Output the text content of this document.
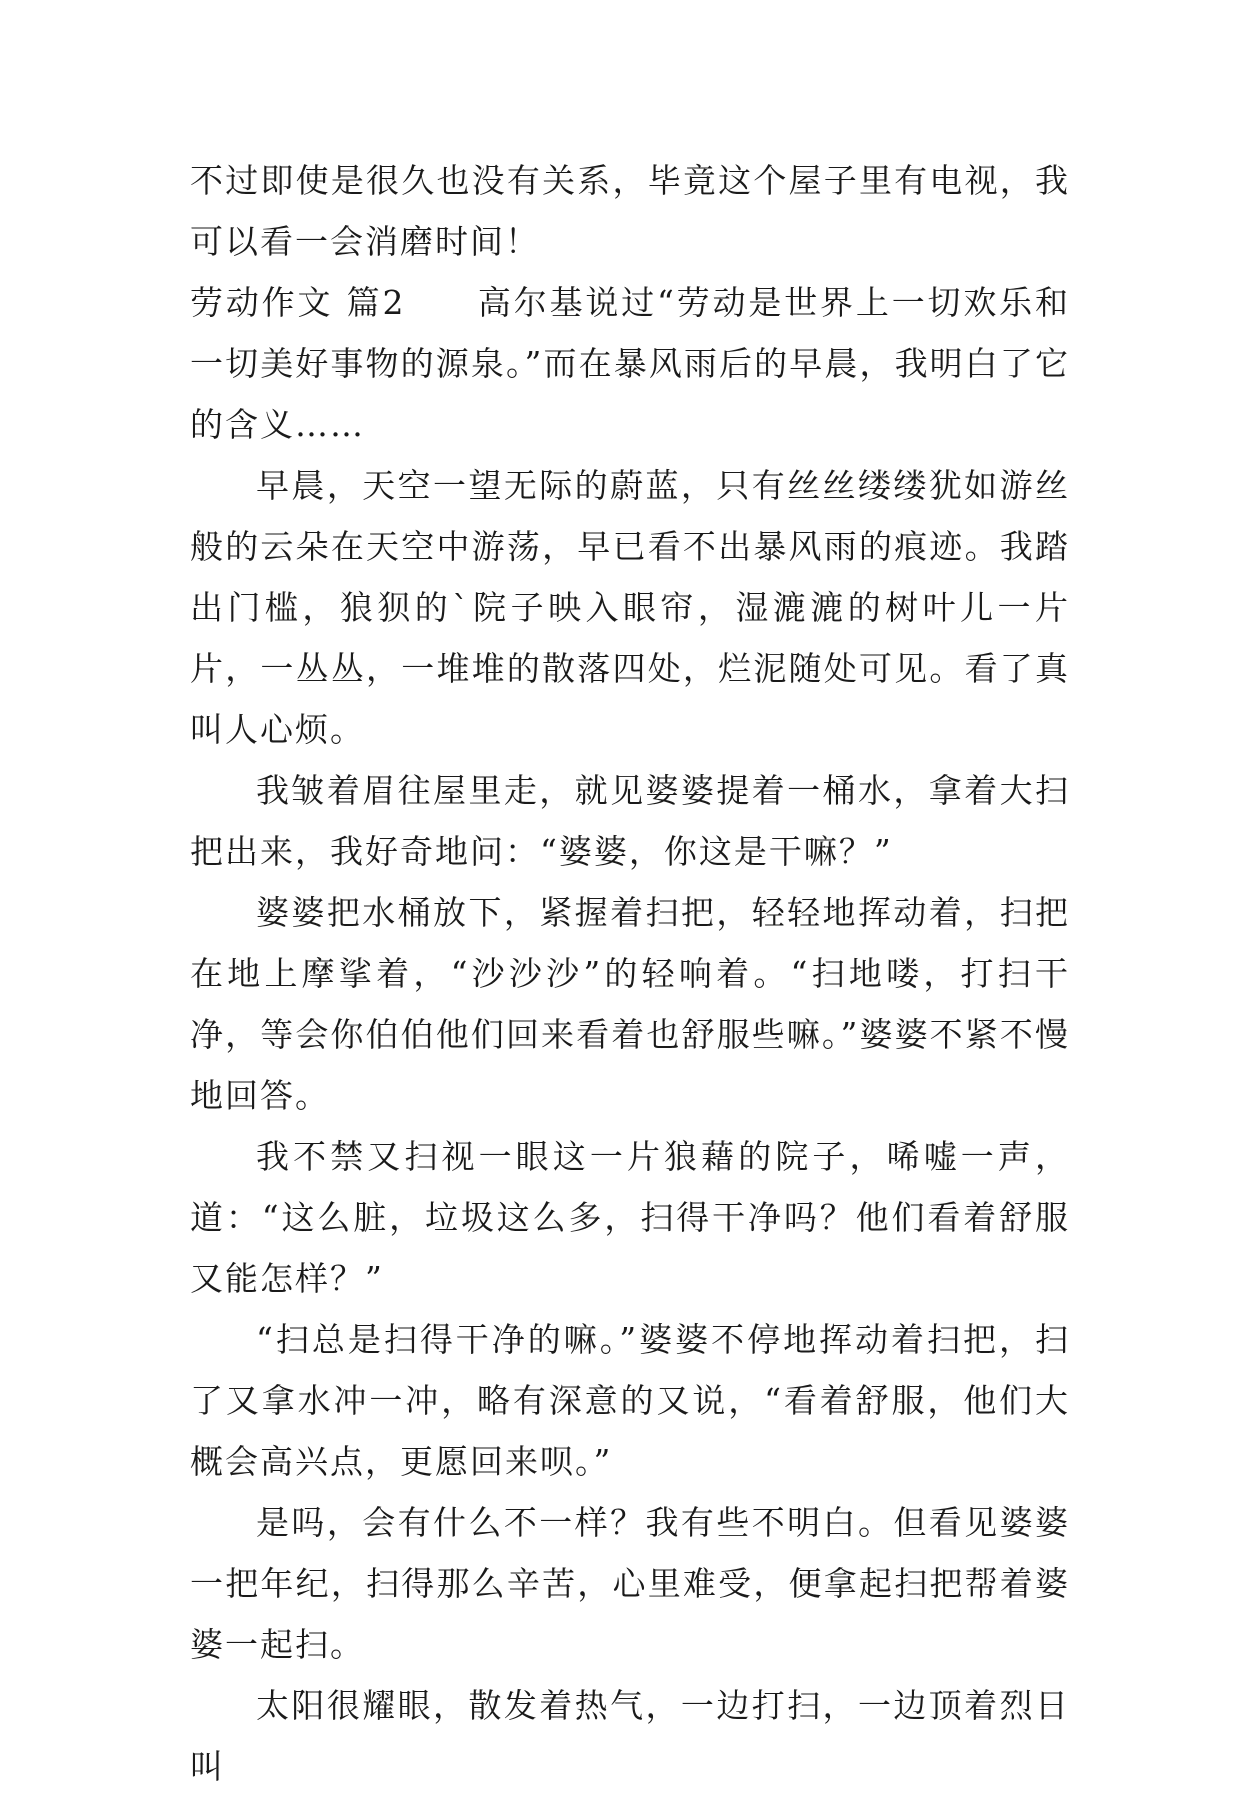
不过即使是很久也没有关系，毕竟这个屋子里有电视，我可以看一会消磨时间！

劳动作文 篇2　　高尔基说过“劳动是世界上一切欢乐和一切美好事物的源泉。”而在暴风雨后的早晨，我明白了它的含义……

早晨，天空一望无际的蔚蓝，只有丝丝缕缕犹如游丝般的云朵在天空中游荡，早已看不出暴风雨的痕迹。我踏出门槛，狼狈的`院子映入眼帘，湿漉漉的树叶儿一片片，一丛丛，一堆堆的散落四处，烂泥随处可见。看了真叫人心烦。

我皱着眉往屋里走，就见婆婆提着一桶水，拿着大扫把出来，我好奇地问：“婆婆，你这是干嘛？”

婆婆把水桶放下，紧握着扫把，轻轻地挥动着，扫把在地上摩挲着，“沙沙沙”的轻响着。“扫地喽，打扫干净，等会你伯伯他们回来看着也舒服些嘛。”婆婆不紧不慢地回答。

我不禁又扫视一眼这一片狼藉的院子，唏嘘一声，道：“这么脏，垃圾这么多，扫得干净吗？他们看着舒服又能怎样？”

“扫总是扫得干净的嘛。”婆婆不停地挥动着扫把，扫了又拿水冲一冲，略有深意的又说，“看着舒服，他们大概会高兴点，更愿回来呗。”

是吗，会有什么不一样？我有些不明白。但看见婆婆一把年纪，扫得那么辛苦，心里难受，便拿起扫把帮着婆婆一起扫。

太阳很耀眼，散发着热气，一边打扫，一边顶着烈日叫
